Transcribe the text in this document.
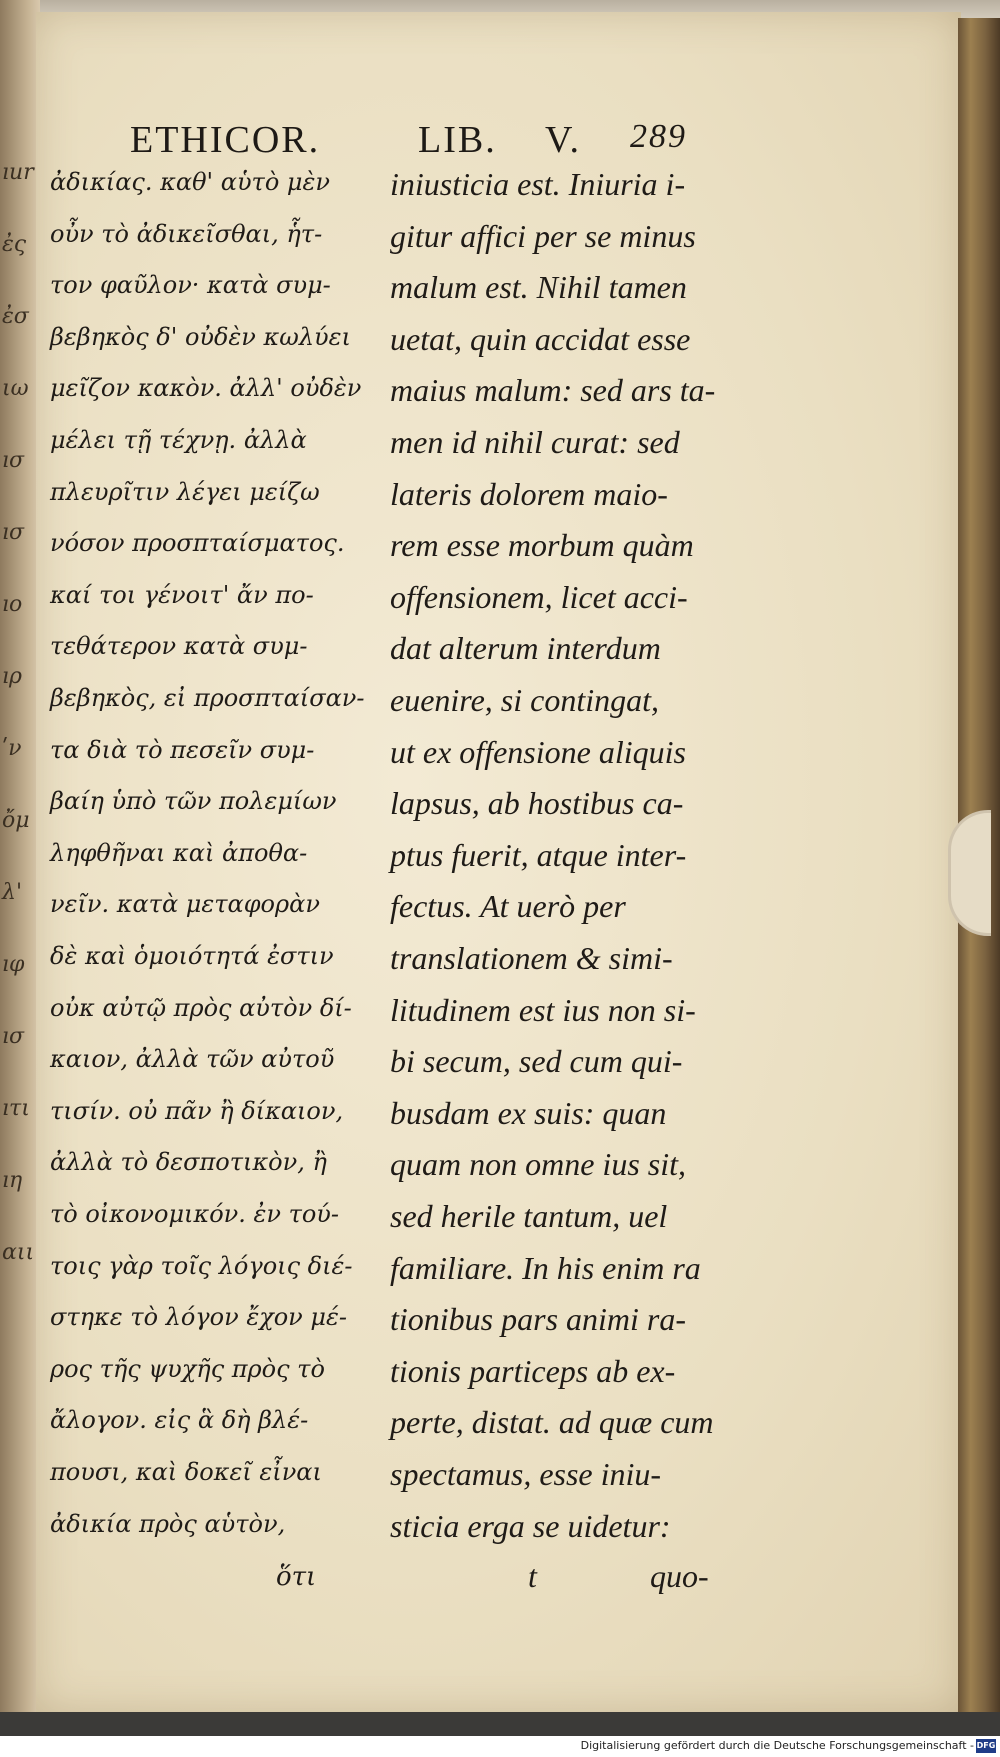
ıur
ἐς
ἐσ
ιω
ıσ
ıσ
ıο
ıρ
ʹν
ὄμ
λ'
ıφ
ıσ
ıτι
ıη
αιι
ETHICOR.	LIB. V. 289
ἀδικίας. καθ' αὑτὸ μὲν
οὖν τὸ ἀδικεῖσθαι, ἧτ-
τον φαῦλον· κατὰ συμ-
βεβηκὸς δ' οὐδὲν κωλύει
μεῖζον κακὸν. ἀλλ' οὐδὲν
μέλει τῇ τέχνῃ. ἀλλὰ
πλευρῖτιν λέγει μείζω
νόσον προσπταίσματος.
καί τοι γένοιτ' ἄν πο-
τεθάτερον κατὰ συμ-
βεβηκὸς, εἰ προσπταίσαν-
τα διὰ τὸ πεσεῖν συμ-
βαίη ὑπὸ τῶν πολεμίων
ληφθῆναι καὶ ἀποθα-
νεῖν. κατὰ μεταφορὰν
δὲ καὶ ὁμοιότητά ἐστιν
οὐκ αὐτῷ πρὸς αὐτὸν δί-
καιον, ἀλλὰ τῶν αὐτοῦ
τισίν. οὐ πᾶν ἢ δίκαιον,
ἀλλὰ τὸ δεσποτικὸν, ἢ
τὸ οἰκονομικόν. ἐν τού-
τοις γὰρ τοῖς λόγοις διέ-
στηκε τὸ λόγον ἔχον μέ-
ρος τῆς ψυχῆς πρὸς τὸ
ἄλογον. εἰς ἃ δὴ βλέ-
πουσι, καὶ δοκεῖ εἶναι
ἀδικία πρὸς αὑτὸν,
iniusticia est. Iniuria i-
gitur affici per se minus
malum est. Nihil tamen
uetat, quin accidat esse
maius malum: sed ars ta-
men id nihil curat: sed
lateris dolorem maio-
rem esse morbum quàm
offensionem, licet acci-
dat alterum interdum
euenire, si contingat,
ut ex offensione aliquis
lapsus, ab hostibus ca-
ptus fuerit, atque inter-
fectus. At uerò per
translationem & simi-
litudinem est ius non si-
bi secum, sed cum qui-
busdam ex suis: quan
quam non omne ius sit,
sed herile tantum, uel
familiare. In his enim ra
tionibus pars animi ra-
tionis particeps ab ex-
perte, distat. ad quæ cum
spectamus, esse iniu-
sticia erga se uidetur:
ὅτι	t	quo-
Digitalisierung gefördert durch die Deutsche Forschungsgemeinschaft - DFG
